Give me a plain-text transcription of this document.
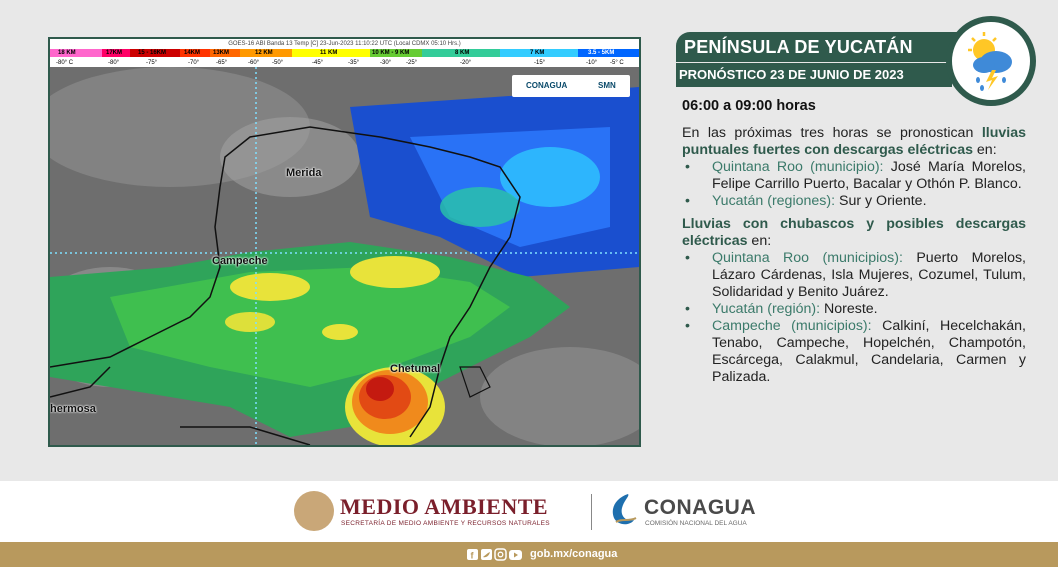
GOES-16 ABI Banda 13 Temp [C] 23-Jun-2023 11:10:22 UTC (Local CDMX 05:10 Hrs.)
18 KM	17KM	15 - 16KM	14KM 13KM	12 KM	11 KM	10 KM - 9 KM	8 KM	7 KM	3.5 - 5KM
-80° C	-80°	-75°	-70°	-65°	-60° -50°	-45°	-35°	-30° -25°	-20°	-15°	-10° -5° C
CONAGUA	SMN
Merida
Campeche
Chetumal
hermosa
PENÍNSULA DE YUCATÁN
PRONÓSTICO 23 DE JUNIO DE 2023
06:00 a 09:00 horas
En las próximas tres horas se pronostican lluvias puntuales fuertes con descargas eléctricas en:
• Quintana Roo (municipio): José María Morelos, Felipe Carrillo Puerto, Bacalar y Othón P. Blanco.
• Yucatán (regiones): Sur y Oriente.
Lluvias con chubascos y posibles descargas eléctricas en:
• Quintana Roo (municipios): Puerto Morelos, Lázaro Cárdenas, Isla Mujeres, Cozumel, Tulum, Solidaridad y Benito Juárez.
• Yucatán (región): Noreste.
• Campeche (municipios): Calkiní, Hecelchakán, Tenabo, Campeche, Hopelchén, Champotón, Escárcega, Calakmul, Candelaria, Carmen y Palizada.
MEDIO AMBIENTE
SECRETARÍA DE MEDIO AMBIENTE Y RECURSOS NATURALES
CONAGUA
COMISIÓN NACIONAL DEL AGUA
f	gob.mx/conagua
